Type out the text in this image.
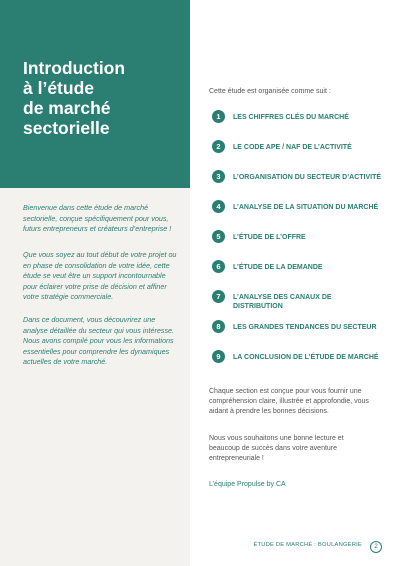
Introduction
à l’étude
de marché
sectorielle

Bienvenue dans cette étude de marché sectorielle, conçue spécifiquement pour vous, futurs entrepreneurs et créateurs d’entreprise !

Que vous soyez au tout début de votre projet ou en phase de consolidation de votre idée, cette étude se veut être un support incontournable pour éclairer votre prise de décision et affiner votre stratégie commerciale.

Dans ce document, vous découvrirez une analyse détaillée du secteur qui vous intéresse. Nous avons compilé pour vous les informations essentielles pour comprendre les dynamiques actuelles de votre marché.

Cette étude est organisée comme suit :
1	LES CHIFFRES CLÉS DU MARCHÉ
2	LE CODE APE / NAF DE L’ACTIVITÉ
3	L’ORGANISATION DU SECTEUR D’ACTIVITÉ
4	L’ANALYSE DE LA SITUATION DU MARCHÉ
5	L’ÉTUDE DE L’OFFRE
6	L’ÉTUDE DE LA DEMANDE
7	L’ANALYSE DES CANAUX DE DISTRIBUTION
8	LES GRANDES TENDANCES DU SECTEUR
9	LA CONCLUSION DE L’ÉTUDE DE MARCHÉ

Chaque section est conçue pour vous fournir une compréhension claire, illustrée et approfondie, vous aidant à prendre les bonnes décisions.

Nous vous souhaitons une bonne lecture et beaucoup de succès dans votre aventure entrepreneuriale !

L’équipe Propulse by CA
ÉTUDE DE MARCHÉ : BOULANGERIE	2
